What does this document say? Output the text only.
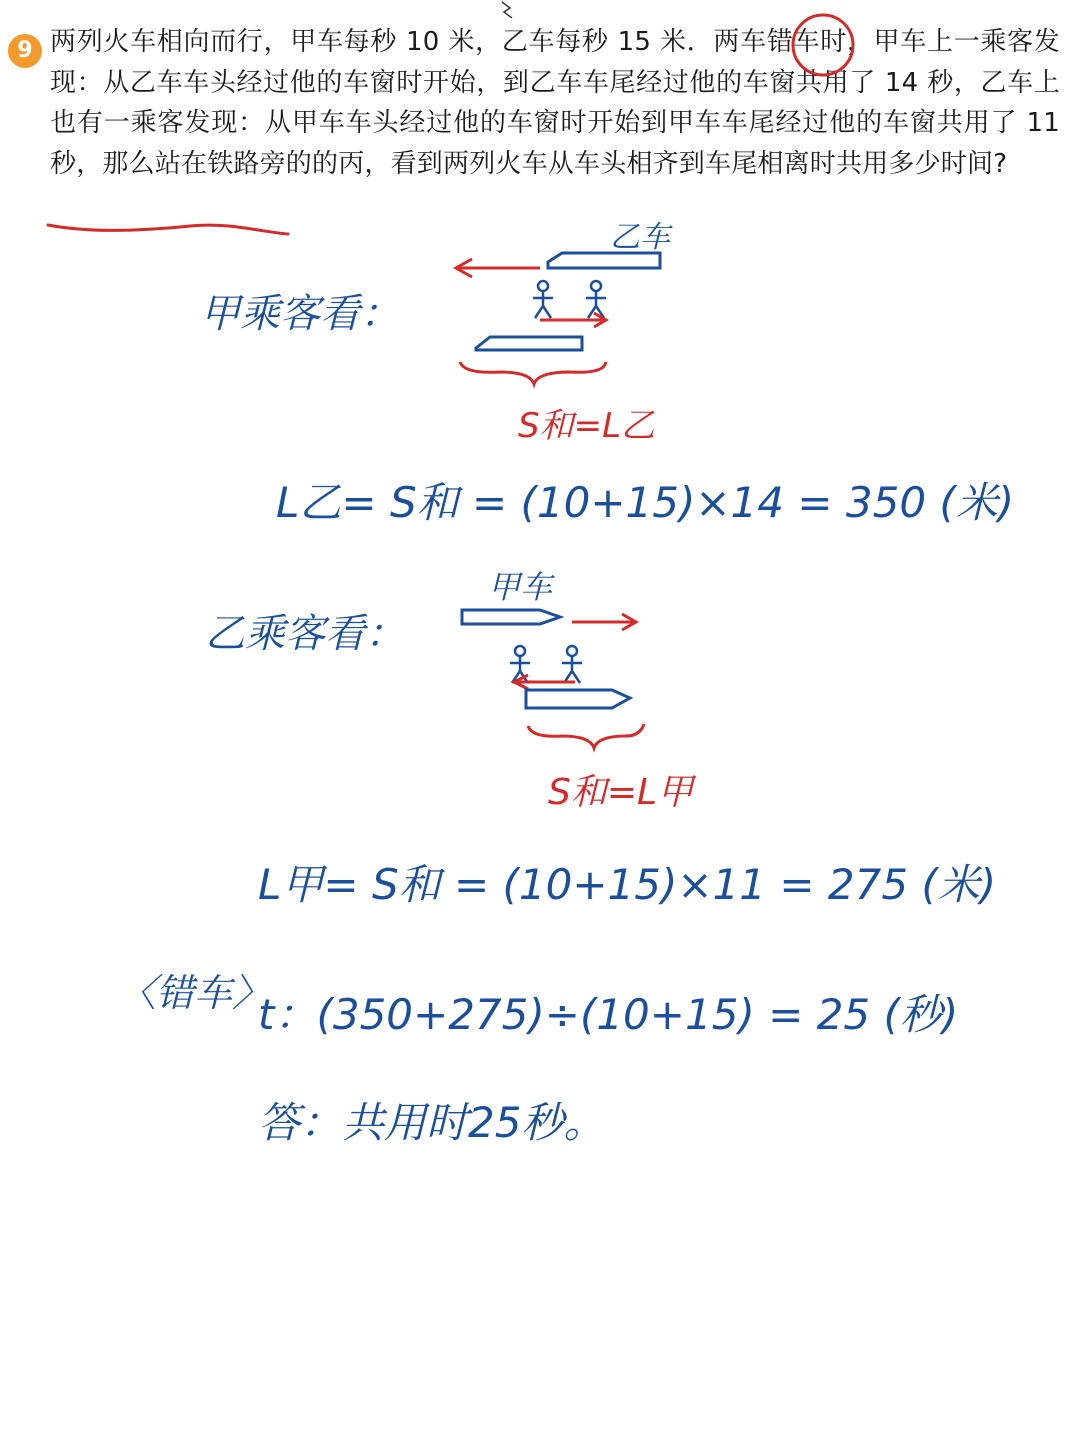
9 两列火车相向而行，甲车每秒 10 米，乙车每秒 15 米．两车错车时，甲车上一乘客发现：从乙车车头经过他的车窗时开始，到乙车车尾经过他的车窗共用了 14 秒，乙车上也有一乘客发现：从甲车车头经过他的车窗时开始到甲车车尾经过他的车窗共用了 11 秒，那么站在铁路旁的的丙，看到两列火车从车头相齐到车尾相离时共用多少时间?
甲乘客看：
乙车
S和=L乙
L乙= S和 = (10+15)×14 = 350 (米)
乙乘客看：
甲车
S和=L甲
L甲= S和 = (10+15)×11 = 275 (米)
〈错车〉
t：(350+275)÷(10+15) = 25 (秒)
答：共用时25秒。
